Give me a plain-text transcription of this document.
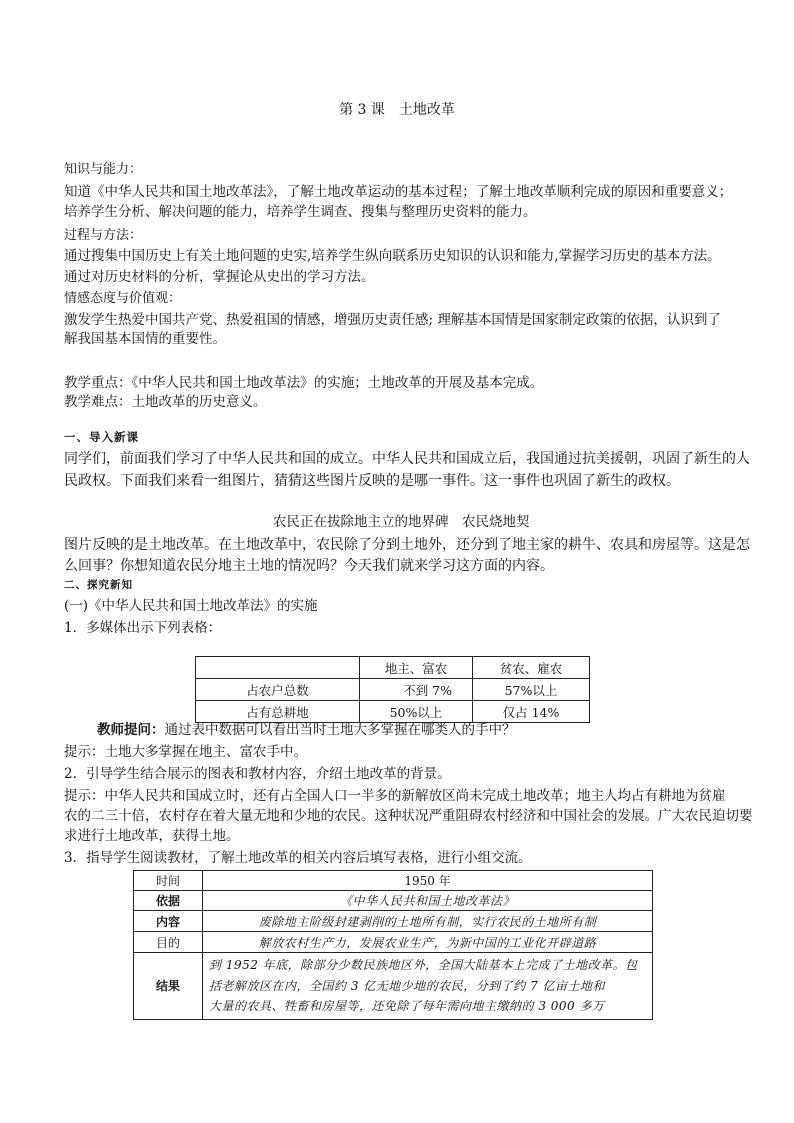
第 3 课　土地改革
知识与能力：
知道《中华人民共和国土地改革法》，了解土地改革运动的基本过程；了解土地改革顺利完成的原因和重要意义；
培养学生分析、解决问题的能力，培养学生调查、搜集与整理历史资料的能力。
过程与方法：
通过搜集中国历史上有关土地问题的史实,培养学生纵向联系历史知识的认识和能力,掌握学习历史的基本方法。
通过对历史材料的分析，掌握论从史出的学习方法。
情感态度与价值观：
激发学生热爱中国共产党、热爱祖国的情感，增强历史责任感; 理解基本国情是国家制定政策的依据，认识到了
解我国基本国情的重要性。
教学重点：《中华人民共和国土地改革法》的实施；土地改革的开展及基本完成。
教学难点：土地改革的历史意义。
一、导入新课
同学们，前面我们学习了中华人民共和国的成立。中华人民共和国成立后，我国通过抗美援朝，巩固了新生的人
民政权。下面我们来看一组图片，猜猜这些图片反映的是哪一事件。这一事件也巩固了新生的政权。
农民正在拔除地主立的地界碑　农民烧地契
图片反映的是土地改革。在土地改革中，农民除了分到土地外，还分到了地主家的耕牛、农具和房屋等。这是怎
么回事？你想知道农民分地主土地的情况吗？今天我们就来学习这方面的内容。
二、探究新知
(一)《中华人民共和国土地改革法》的实施
1．多媒体出示下列表格：
	地主、富农	贫农、雇农
占农户总数	不到 7%	57%以上
占有总耕地	50%以上	仅占 14%
教师提问：通过表中数据可以看出当时土地大多掌握在哪类人的手中？
提示：土地大多掌握在地主、富农手中。
2．引导学生结合展示的图表和教材内容，介绍土地改革的背景。
提示：中华人民共和国成立时，还有占全国人口一半多的新解放区尚未完成土地改革；地主人均占有耕地为贫雇
农的二三十倍，农村存在着大量无地和少地的农民。这种状况严重阻碍农村经济和中国社会的发展。广大农民迫切要
求进行土地改革，获得土地。
3．指导学生阅读教材，了解土地改革的相关内容后填写表格，进行小组交流。
时间	1950 年
依据	《中华人民共和国土地改革法》
内容	废除地主阶级封建剥削的土地所有制，实行农民的土地所有制
目的	解放农村生产力，发展农业生产，为新中国的工业化开辟道路
结果	到 1952 年底，除部分少数民族地区外，全国大陆基本上完成了土地改革。包
括老解放区在内，全国约 3 亿无地少地的农民，分到了约 7 亿亩土地和
大量的农具、牲畜和房屋等，还免除了每年需向地主缴纳的 3 000 多万
